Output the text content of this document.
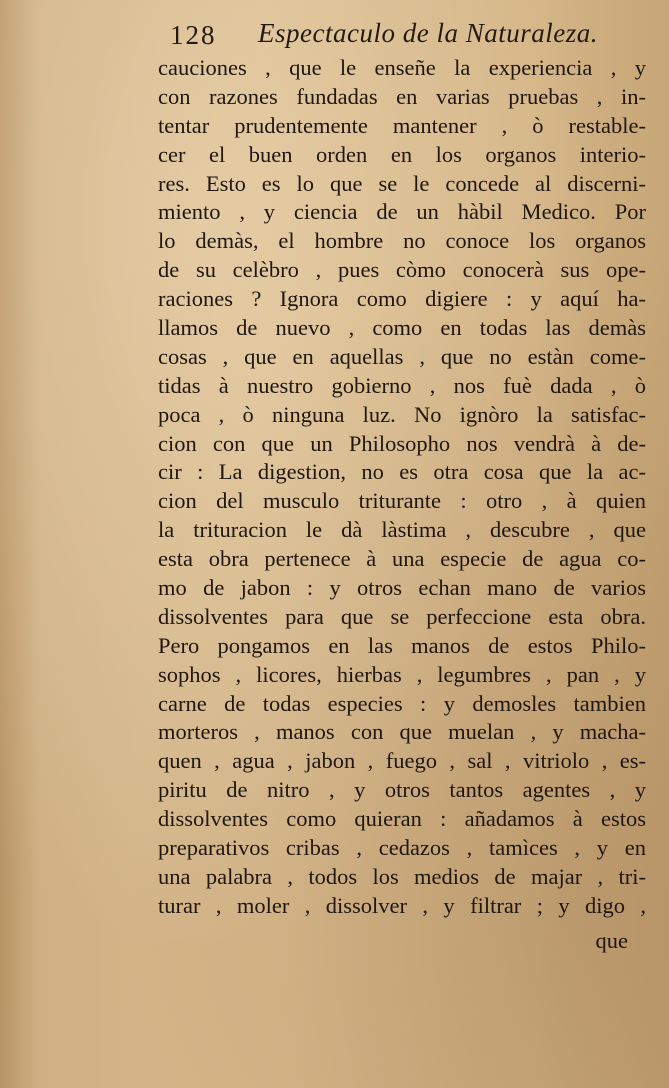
128 Espectaculo de la Naturaleza.
cauciones , que le enseñe la experiencia , y
con razones fundadas en varias pruebas , in-
tentar prudentemente mantener , ò restable-
cer el buen orden en los organos interio-
res. Esto es lo que se le concede al discerni-
miento , y ciencia de un hàbil Medico. Por
lo demàs, el hombre no conoce los organos
de su celèbro , pues còmo conocerà sus ope-
raciones ? Ignora como digiere : y aquí ha-
llamos de nuevo , como en todas las demàs
cosas , que en aquellas , que no estàn come-
tidas à nuestro gobierno , nos fuè dada , ò
poca , ò ninguna luz. No ignòro la satisfac-
cion con que un Philosopho nos vendrà à de-
cir : La digestion, no es otra cosa que la ac-
cion del musculo triturante : otro , à quien
la trituracion le dà làstima , descubre , que
esta obra pertenece à una especie de agua co-
mo de jabon : y otros echan mano de varios
dissolventes para que se perfeccione esta obra.
Pero pongamos en las manos de estos Philo-
sophos , licores, hierbas , legumbres , pan , y
carne de todas especies : y demosles tambien
morteros , manos con que muelan , y macha-
quen , agua , jabon , fuego , sal , vitriolo , es-
piritu de nitro , y otros tantos agentes , y
dissolventes como quieran : añadamos à estos
preparativos cribas , cedazos , tamìces , y en
una palabra , todos los medios de majar , tri-
turar , moler , dissolver , y filtrar ; y digo ,
que
